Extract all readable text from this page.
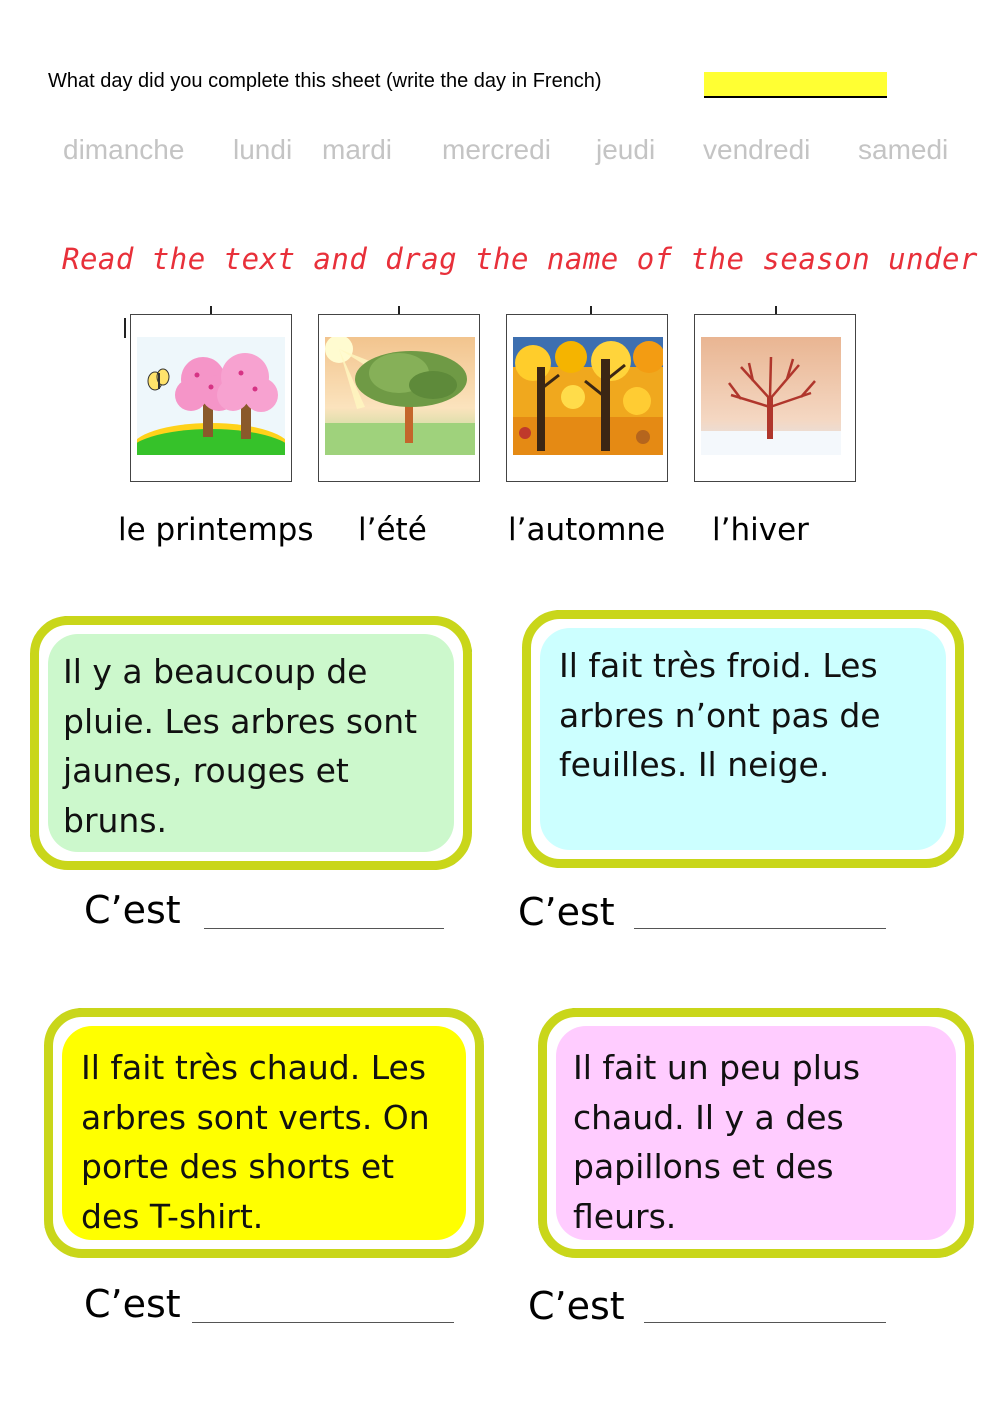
What day did you complete this sheet (write the day in French)
dimanche lundi mardi mercredi jeudi vendredi samedi
Read the text and drag the name of the season under
le printemps l’été	l’automne l’hiver
Il y a beaucoup de
pluie. Les arbres sont
jaunes, rouges et
bruns.
Il fait très froid. Les
arbres n’ont pas de
feuilles. Il neige.
C’est	C’est
Il fait très chaud. Les
arbres sont verts. On
porte des shorts et
des T-shirt.
Il fait un peu plus
chaud. Il y a des
papillons et des
fleurs.
C’est	C’est
